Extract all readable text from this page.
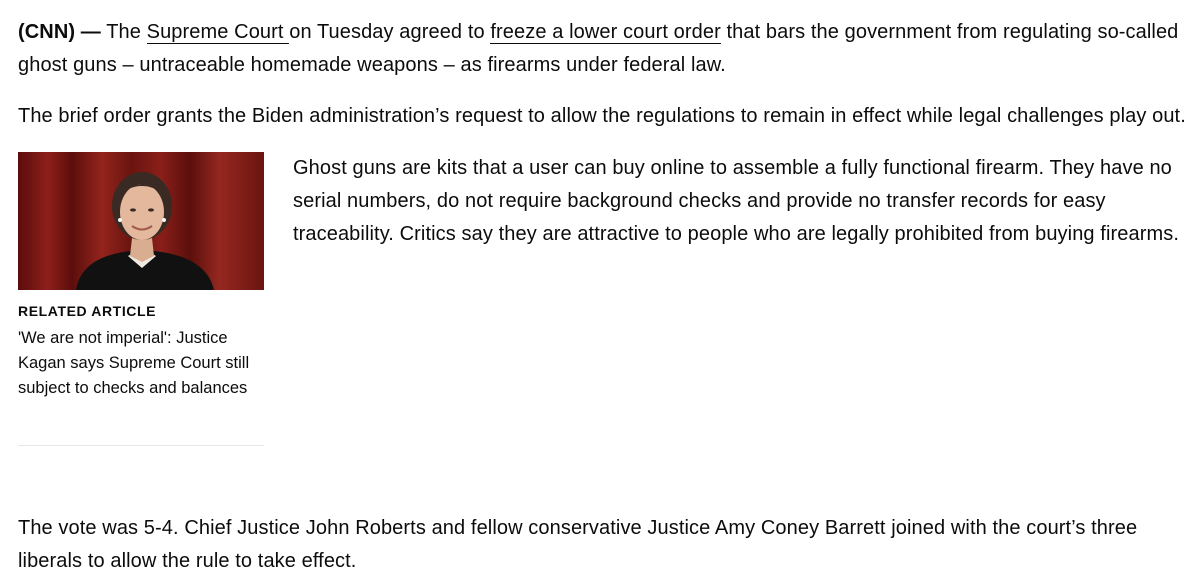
(CNN) — The Supreme Court on Tuesday agreed to freeze a lower court order that bars the government from regulating so-called ghost guns – untraceable homemade weapons – as firearms under federal law.

The brief order grants the Biden administration’s request to allow the regulations to remain in effect while legal challenges play out.

RELATED ARTICLE
'We are not imperial': Justice Kagan says Supreme Court still subject to checks and balances

Ghost guns are kits that a user can buy online to assemble a fully functional firearm. They have no serial numbers, do not require background checks and provide no transfer records for easy traceability. Critics say they are attractive to people who are legally prohibited from buying firearms.

The vote was 5-4. Chief Justice John Roberts and fellow conservative Justice Amy Coney Barrett joined with the court’s three liberals to allow the rule to take effect.
